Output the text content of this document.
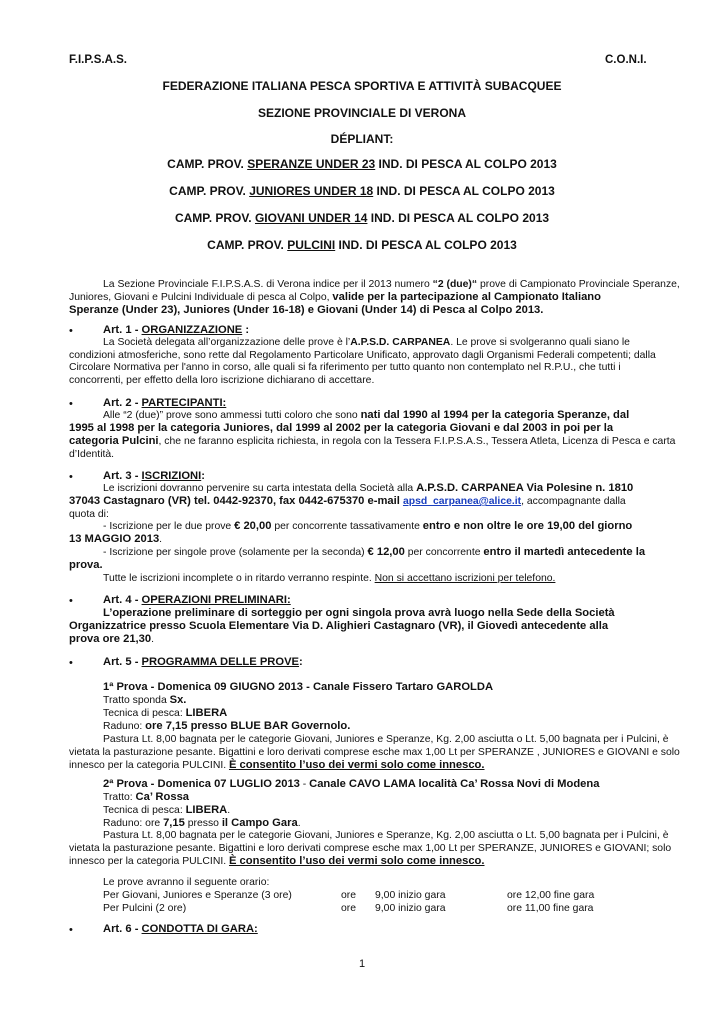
F.I.P.S.A.S.	C.O.N.I.
FEDERAZIONE ITALIANA PESCA SPORTIVA E ATTIVITÀ SUBACQUEE
SEZIONE PROVINCIALE DI VERONA
DÉPLIANT:
CAMP. PROV. SPERANZE UNDER 23 IND. DI PESCA AL COLPO 2013
CAMP. PROV. JUNIORES UNDER 18 IND. DI PESCA AL COLPO 2013
CAMP. PROV. GIOVANI UNDER 14 IND. DI PESCA AL COLPO 2013
CAMP. PROV. PULCINI IND. DI PESCA AL COLPO 2013
La Sezione Provinciale F.I.P.S.A.S. di Verona indice per il 2013 numero “2 (due)“ prove di Campionato Provinciale Speranze,
Juniores, Giovani e Pulcini Individuale di pesca al Colpo, valide per la partecipazione al Campionato Italiano
Speranze (Under 23), Juniores (Under 16-18) e Giovani (Under 14) di Pesca al Colpo 2013.
•	Art. 1 - ORGANIZZAZIONE :
La Società delegata all’organizzazione delle prove è l’A.P.S.D. CARPANEA. Le prove si svolgeranno quali siano le
condizioni atmosferiche, sono rette dal Regolamento Particolare Unificato, approvato dagli Organismi Federali competenti; dalla
Circolare Normativa per l'anno in corso, alle quali si fa riferimento per tutto quanto non contemplato nel R.P.U., che tutti i
concorrenti, per effetto della loro iscrizione dichiarano di accettare.
•	Art. 2 - PARTECIPANTI:
Alle “2 (due)” prove sono ammessi tutti coloro che sono nati dal 1990 al 1994 per la categoria Speranze, dal
1995 al 1998 per la categoria Juniores, dal 1999 al 2002 per la categoria Giovani e dal 2003 in poi per la
categoria Pulcini, che ne faranno esplicita richiesta, in regola con la Tessera F.I.P.S.A.S., Tessera Atleta, Licenza di Pesca e carta
d’Identità.
•	Art. 3 - ISCRIZIONI:
Le iscrizioni dovranno pervenire su carta intestata della Società alla A.P.S.D. CARPANEA Via Polesine n. 1810
37043 Castagnaro (VR) tel. 0442-92370, fax 0442-675370 e-mail apsd_carpanea@alice.it, accompagnante dalla
quota di:
- Iscrizione per le due prove € 20,00 per concorrente tassativamente entro e non oltre le ore 19,00 del giorno
13 MAGGIO 2013.
- Iscrizione per singole prove (solamente per la seconda) € 12,00 per concorrente entro il martedì antecedente la
prova.
Tutte le iscrizioni incomplete o in ritardo verranno respinte. Non si accettano iscrizioni per telefono.
•	Art. 4 - OPERAZIONI PRELIMINARI:
L’operazione preliminare di sorteggio per ogni singola prova avrà luogo nella Sede della Società
Organizzatrice presso Scuola Elementare Via D. Alighieri Castagnaro (VR), il Giovedì antecedente alla
prova ore 21,30.
•	Art. 5 - PROGRAMMA DELLE PROVE:
1ª Prova - Domenica 09 GIUGNO 2013 - Canale Fissero Tartaro GAROLDA
Tratto sponda Sx.
Tecnica di pesca: LIBERA
Raduno: ore 7,15 presso BLUE BAR Governolo.
Pastura Lt. 8,00 bagnata per le categorie Giovani, Juniores e Speranze, Kg. 2,00 asciutta o Lt. 5,00 bagnata per i Pulcini, è
vietata la pasturazione pesante. Bigattini e loro derivati comprese esche max 1,00 Lt per SPERANZE , JUNIORES e GIOVANI e solo
innesco per la categoria PULCINI. È consentito l’uso dei vermi solo come innesco.
2ª Prova - Domenica 07 LUGLIO 2013 - Canale CAVO LAMA località Ca’ Rossa Novi di Modena
Tratto: Ca’ Rossa
Tecnica di pesca: LIBERA.
Raduno: ore 7,15 presso il Campo Gara.
Pastura Lt. 8,00 bagnata per le categorie Giovani, Juniores e Speranze, Kg. 2,00 asciutta o Lt. 5,00 bagnata per i Pulcini, è
vietata la pasturazione pesante. Bigattini e loro derivati comprese esche max 1,00 Lt per SPERANZE, JUNIORES e GIOVANI; solo
innesco per la categoria PULCINI. È consentito l’uso dei vermi solo come innesco.
Le prove avranno il seguente orario:
Per Giovani, Juniores e Speranze (3 ore)	ore 9,00 inizio gara	ore 12,00 fine gara
Per Pulcini (2 ore)	ore 9,00 inizio gara	ore 11,00 fine gara
•	Art. 6 - CONDOTTA DI GARA:
1
